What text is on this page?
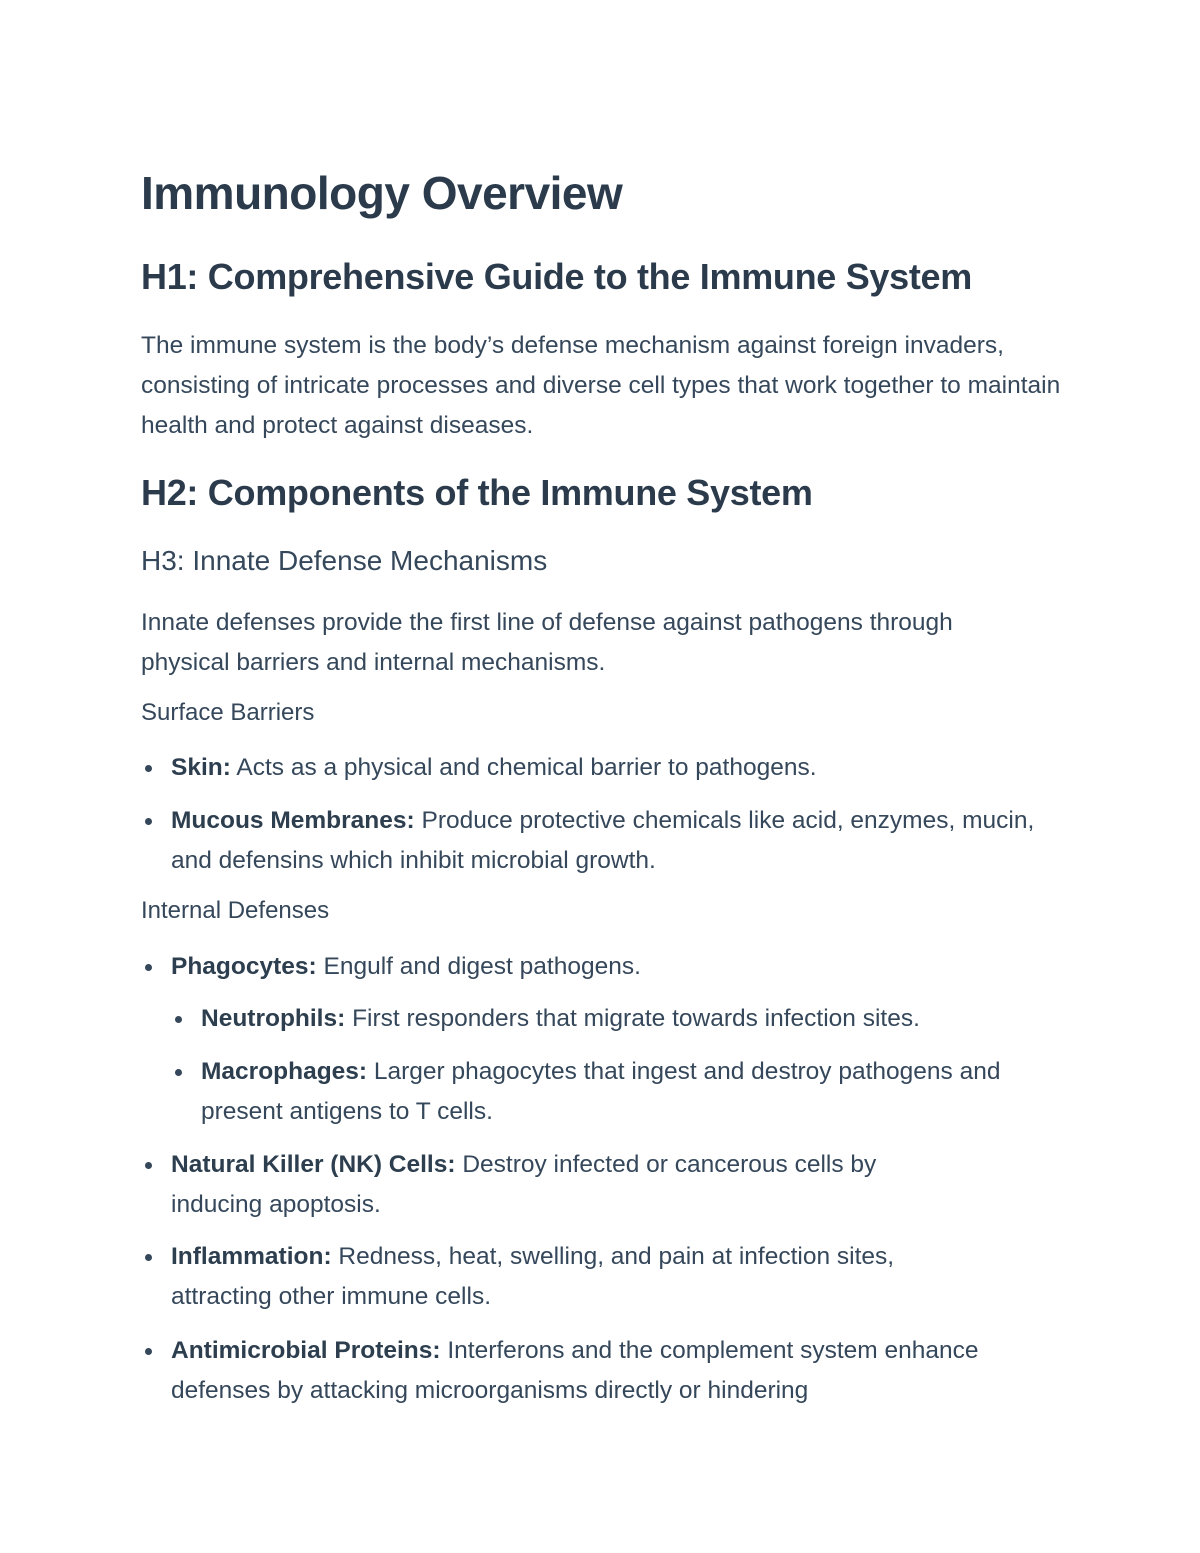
Immunology Overview
H1: Comprehensive Guide to the Immune System

The immune system is the body’s defense mechanism against foreign invaders, consisting of intricate processes and diverse cell types that work together to maintain health and protect against diseases.

H2: Components of the Immune System
H3: Innate Defense Mechanisms

Innate defenses provide the first line of defense against pathogens through physical barriers and internal mechanisms.

Surface Barriers

Skin: Acts as a physical and chemical barrier to pathogens.

Mucous Membranes: Produce protective chemicals like acid, enzymes, mucin, and defensins which inhibit microbial growth.

Internal Defenses

Phagocytes: Engulf and digest pathogens.

Neutrophils: First responders that migrate towards infection sites.

Macrophages: Larger phagocytes that ingest and destroy pathogens and present antigens to T cells.

Natural Killer (NK) Cells: Destroy infected or cancerous cells by inducing apoptosis.

Inflammation: Redness, heat, swelling, and pain at infection sites, attracting other immune cells.

Antimicrobial Proteins: Interferons and the complement system enhance defenses by attacking microorganisms directly or hindering
